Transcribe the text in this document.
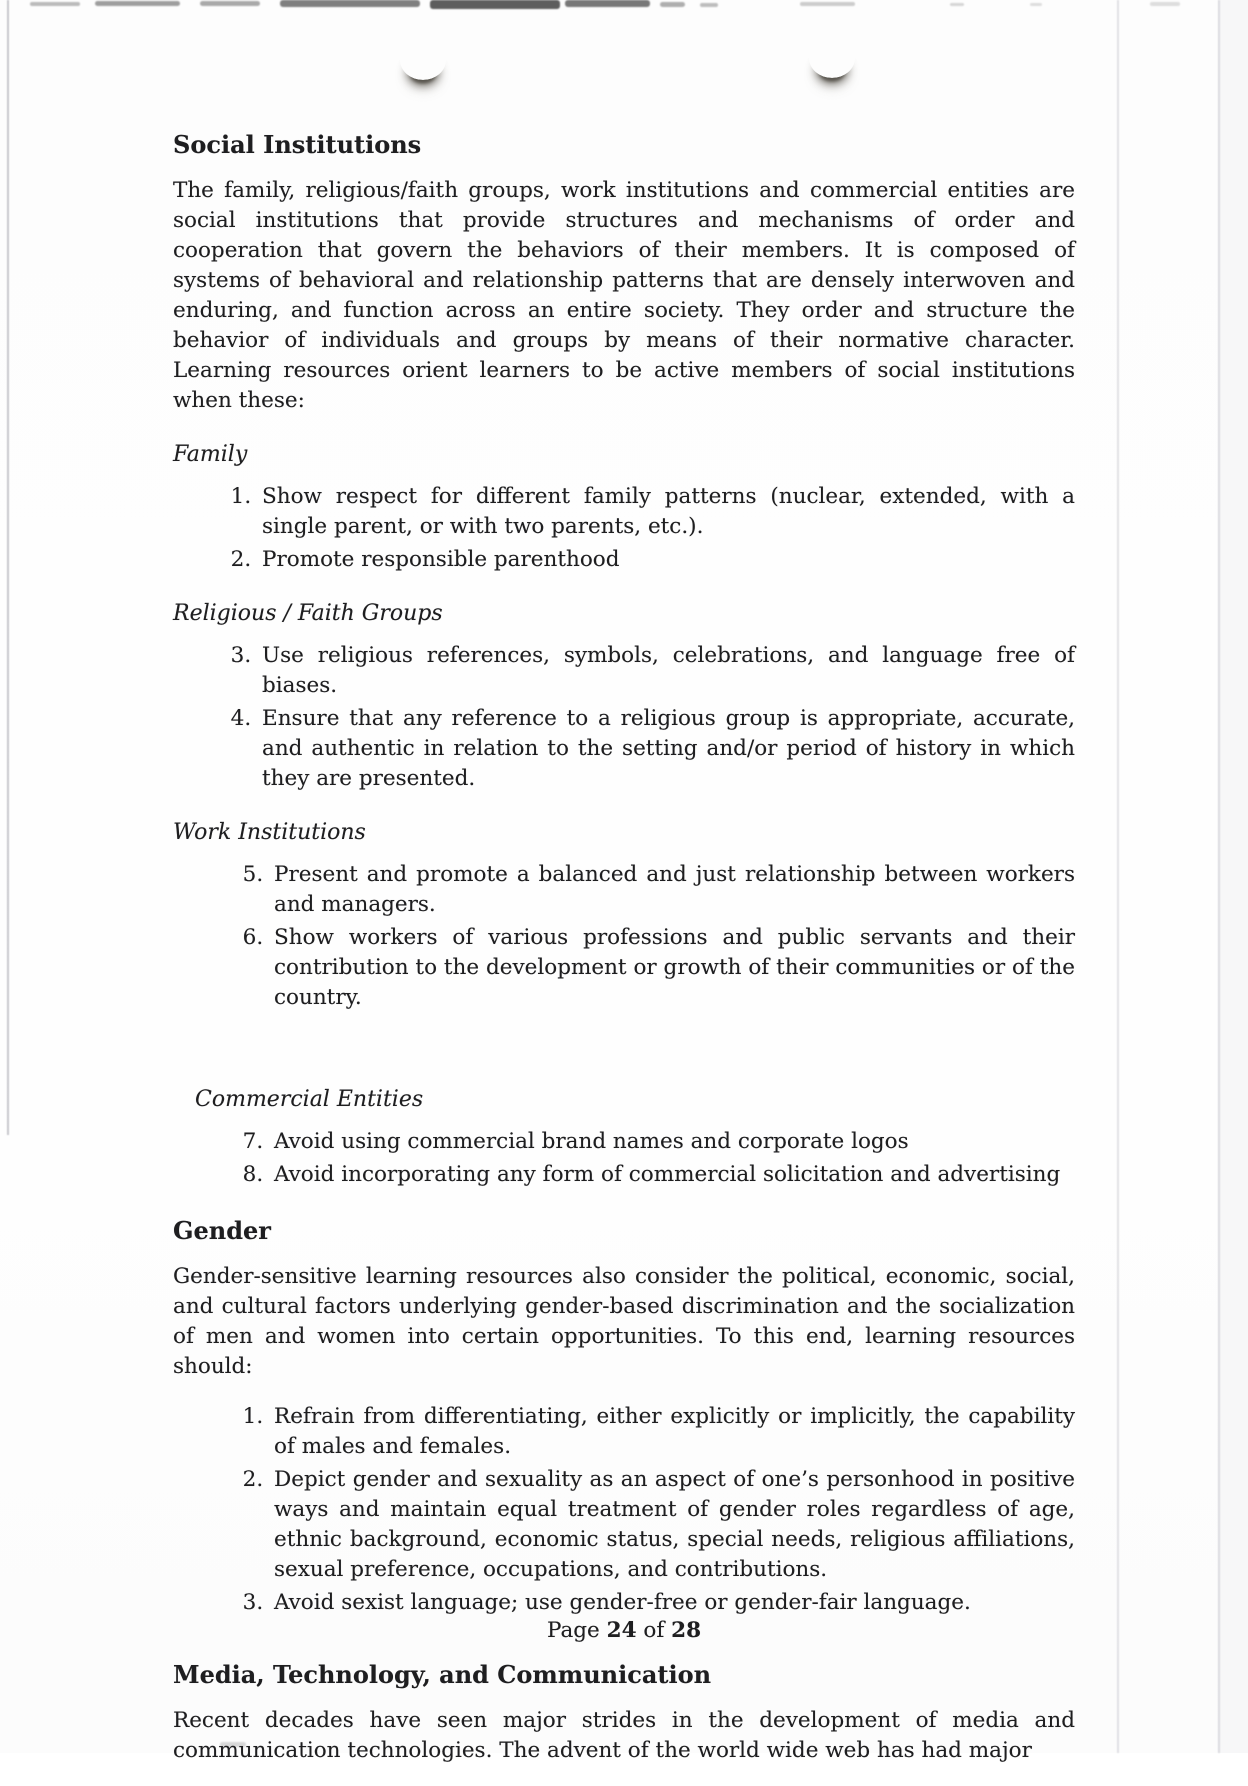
Social Institutions

The family, religious/faith groups, work institutions and commercial entities are social institutions that provide structures and mechanisms of order and cooperation that govern the behaviors of their members. It is composed of systems of behavioral and relationship patterns that are densely interwoven and enduring, and function across an entire society. They order and structure the behavior of individuals and groups by means of their normative character. Learning resources orient learners to be active members of social institutions when these:

Family
1. Show respect for different family patterns (nuclear, extended, with a single parent, or with two parents, etc.).
2. Promote responsible parenthood
Religious / Faith Groups
3. Use religious references, symbols, celebrations, and language free of biases.
4. Ensure that any reference to a religious group is appropriate, accurate, and authentic in relation to the setting and/or period of history in which they are presented.
Work Institutions
5. Present and promote a balanced and just relationship between workers and managers.
6. Show workers of various professions and public servants and their contribution to the development or growth of their communities or of the country.
Commercial Entities
7. Avoid using commercial brand names and corporate logos
8. Avoid incorporating any form of commercial solicitation and advertising
Gender

Gender-sensitive learning resources also consider the political, economic, social, and cultural factors underlying gender-based discrimination and the socialization of men and women into certain opportunities. To this end, learning resources should:

1. Refrain from differentiating, either explicitly or implicitly, the capability of males and females.
2. Depict gender and sexuality as an aspect of one’s personhood in positive ways and maintain equal treatment of gender roles regardless of age, ethnic background, economic status, special needs, religious affiliations, sexual preference, occupations, and contributions.
3. Avoid sexist language; use gender-free or gender-fair language.
Media, Technology, and Communication

Recent decades have seen major strides in the development of media and communication technologies. The advent of the world wide web has had major

Page 24 of 28
